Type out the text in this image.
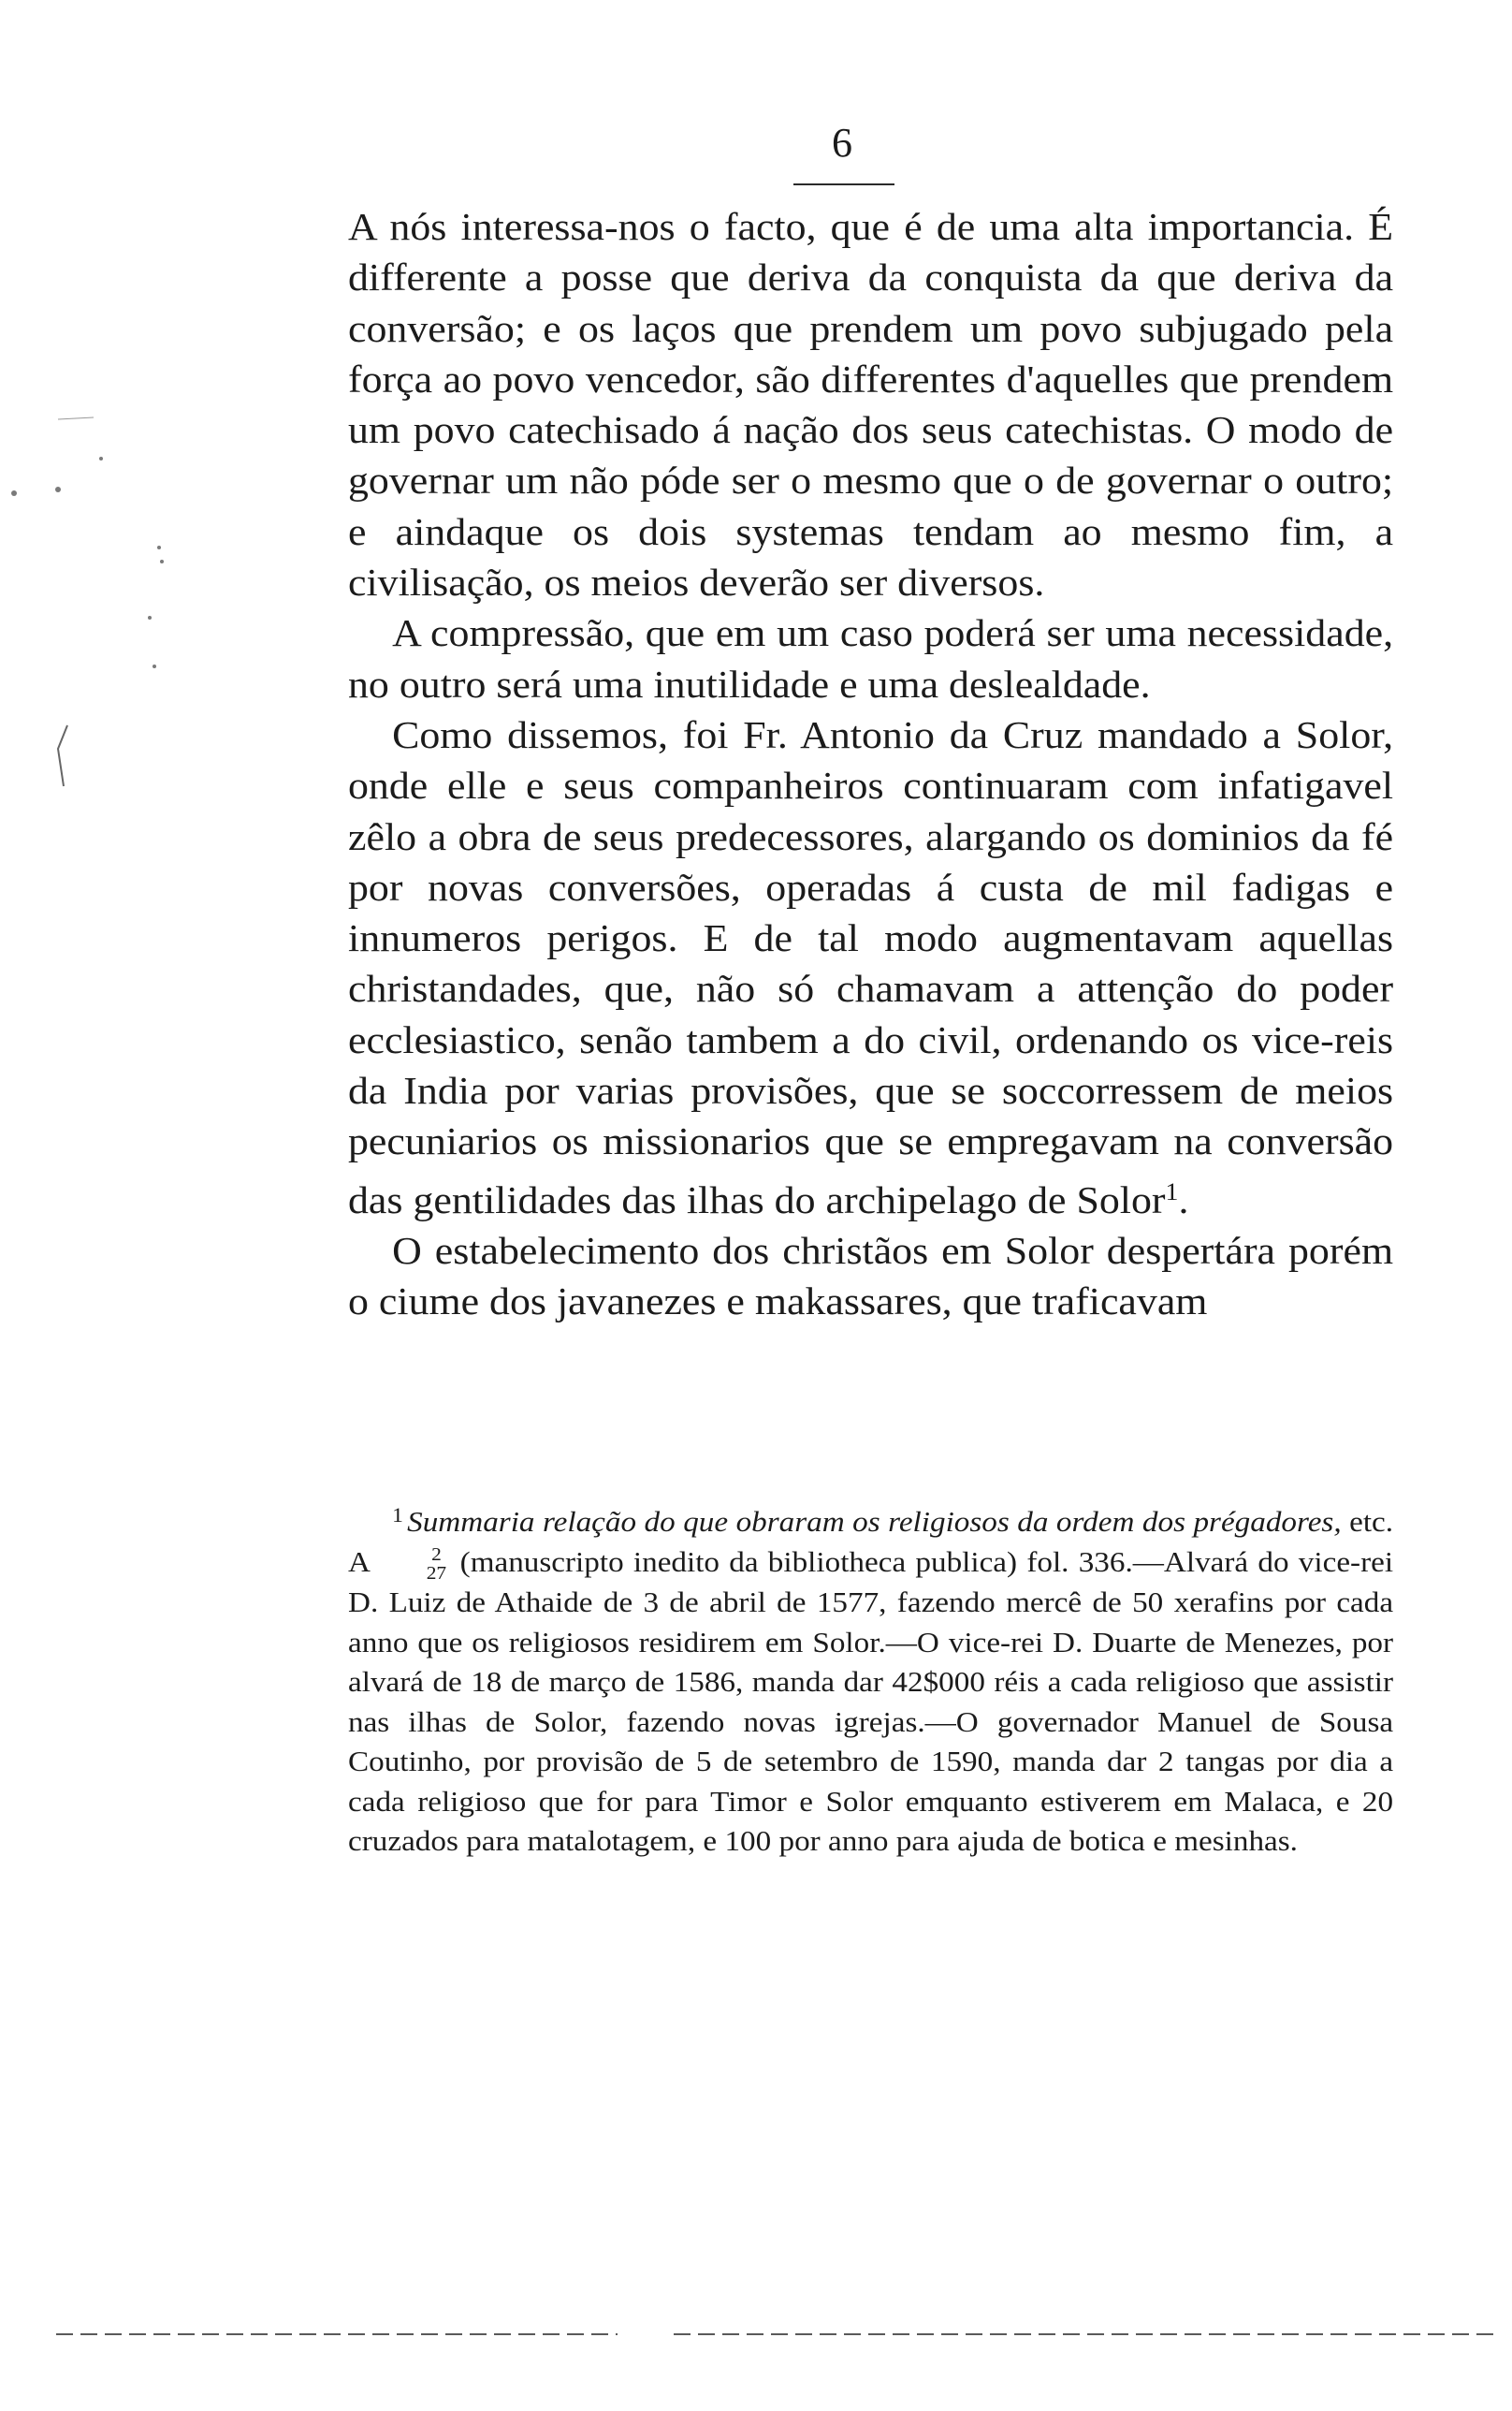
6

A nós interessa-nos o facto, que é de uma alta importancia. É differente a posse que deriva da conquista da que deriva da conversão; e os laços que prendem um povo subjugado pela força ao povo vencedor, são differentes d'aquelles que prendem um povo catechisado á nação dos seus catechistas. O modo de governar um não póde ser o mesmo que o de governar o outro; e aindaque os dois systemas tendam ao mesmo fim, a civilisação, os meios deverão ser diversos.

A compressão, que em um caso poderá ser uma necessidade, no outro será uma inutilidade e uma deslealdade.

Como dissemos, foi Fr. Antonio da Cruz mandado a Solor, onde elle e seus companheiros continuaram com infatigavel zêlo a obra de seus predecessores, alargando os dominios da fé por novas conversões, operadas á custa de mil fadigas e innumeros perigos. E de tal modo augmentavam aquellas christandades, que, não só chamavam a attenção do poder ecclesiastico, senão tambem a do civil, ordenando os vice-reis da India por varias provisões, que se soccorressem de meios pecuniarios os missionarios que se empregavam na conversão das gentilidades das ilhas do archipelago de Solor$^1$.

O estabelecimento dos christãos em Solor despertára porém o ciume dos javanezes e makassares, que traficavam

$^1$ Summaria relação do que obraram os religiosos da ordem dos prégadores, etc. A	2
27 (manuscripto inedito da bibliotheca publica) fol. 336.—Alvará do vice-rei D. Luiz de Athaide de 3 de abril de 1577, fazendo mercê de 50 xerafins por cada anno que os religiosos residirem em Solor.—O vice-rei D. Duarte de Menezes, por alvará de 18 de março de 1586, manda dar 42$000 réis a cada religioso que assistir nas ilhas de Solor, fazendo novas igrejas.—O governador Manuel de Sousa Coutinho, por provisão de 5 de setembro de 1590, manda dar 2 tangas por dia a cada religioso que for para Timor e Solor emquanto estiverem em Malaca, e 20 cruzados para matalotagem, e 100 por anno para ajuda de botica e mesinhas.
